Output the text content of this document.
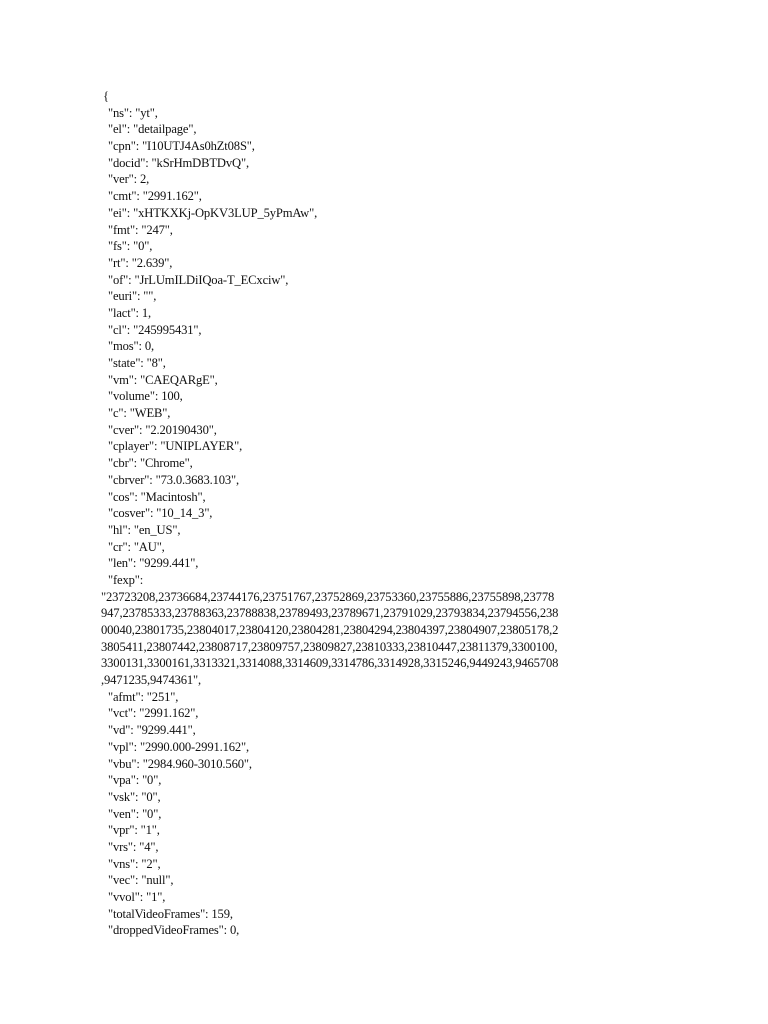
{
"ns": "yt",
"el": "detailpage",
"cpn": "I10UTJ4As0hZt08S",
"docid": "kSrHmDBTDvQ",
"ver": 2,
"cmt": "2991.162",
"ei": "xHTKXKj-OpKV3LUP_5yPmAw",
"fmt": "247",
"fs": "0",
"rt": "2.639",
"of": "JrLUmILDiIQoa-T_ECxciw",
"euri": "",
"lact": 1,
"cl": "245995431",
"mos": 0,
"state": "8",
"vm": "CAEQARgE",
"volume": 100,
"c": "WEB",
"cver": "2.20190430",
"cplayer": "UNIPLAYER",
"cbr": "Chrome",
"cbrver": "73.0.3683.103",
"cos": "Macintosh",
"cosver": "10_14_3",
"hl": "en_US",
"cr": "AU",
"len": "9299.441",
"fexp":
"23723208,23736684,23744176,23751767,23752869,23753360,23755886,23755898,23778
947,23785333,23788363,23788838,23789493,23789671,23791029,23793834,23794556,238
00040,23801735,23804017,23804120,23804281,23804294,23804397,23804907,23805178,2
3805411,23807442,23808717,23809757,23809827,23810333,23810447,23811379,3300100,
3300131,3300161,3313321,3314088,3314609,3314786,3314928,3315246,9449243,9465708
,9471235,9474361",
"afmt": "251",
"vct": "2991.162",
"vd": "9299.441",
"vpl": "2990.000-2991.162",
"vbu": "2984.960-3010.560",
"vpa": "0",
"vsk": "0",
"ven": "0",
"vpr": "1",
"vrs": "4",
"vns": "2",
"vec": "null",
"vvol": "1",
"totalVideoFrames": 159,
"droppedVideoFrames": 0,
